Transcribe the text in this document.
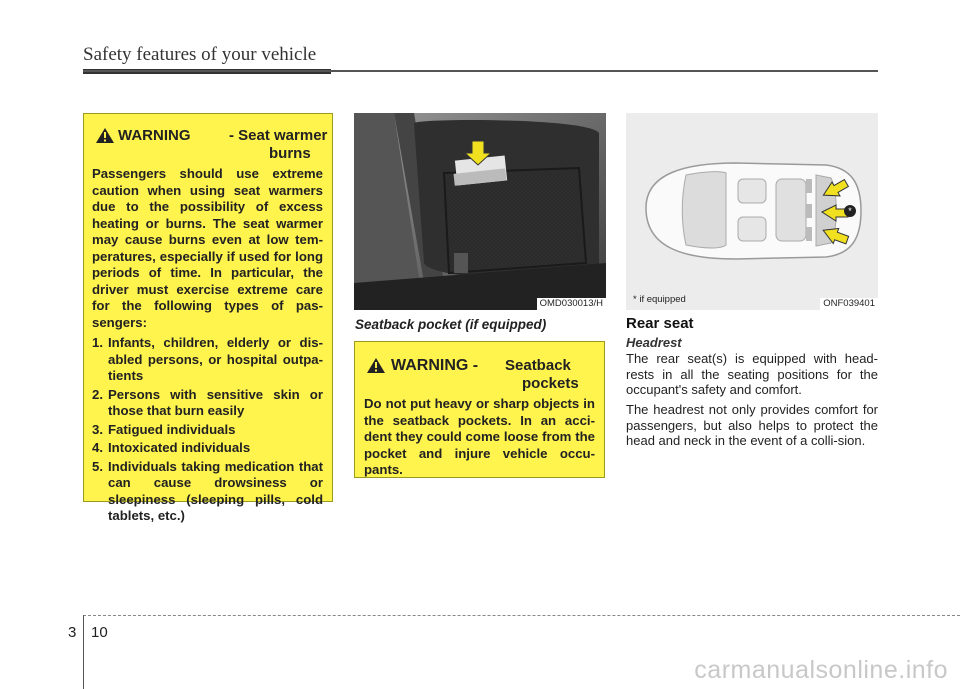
Safety features of your vehicle
WARNING	- Seat warmer
burns
Passengers should use extreme caution when using seat warmers due to the possibility of excess heating or burns. The seat warmer may cause burns even at low tem-peratures, especially if used for long periods of time. In particular, the driver must exercise extreme care for the following types of pas-sengers:
1. Infants, children, elderly or dis-abled persons, or hospital outpa-tients
2. Persons with sensitive skin or those that burn easily
3. Fatigued individuals
4. Intoxicated individuals
5. Individuals taking medication that can cause drowsiness or sleepiness (sleeping pills, cold tablets, etc.)
OMD030013/H
Seatback pocket (if equipped)
WARNING - Seatback
pockets
Do not put heavy or sharp objects in the seatback pockets. In an acci-dent they could come loose from the pocket and injure vehicle occu-pants.
*
* if equipped	ONF039401
Rear seat
Headrest
The rear seat(s) is equipped with head-rests in all the seating positions for the occupant's safety and comfort.
The headrest not only provides comfort for passengers, but also helps to protect the head and neck in the event of a colli-sion.
3 10
carmanualsonline.info
